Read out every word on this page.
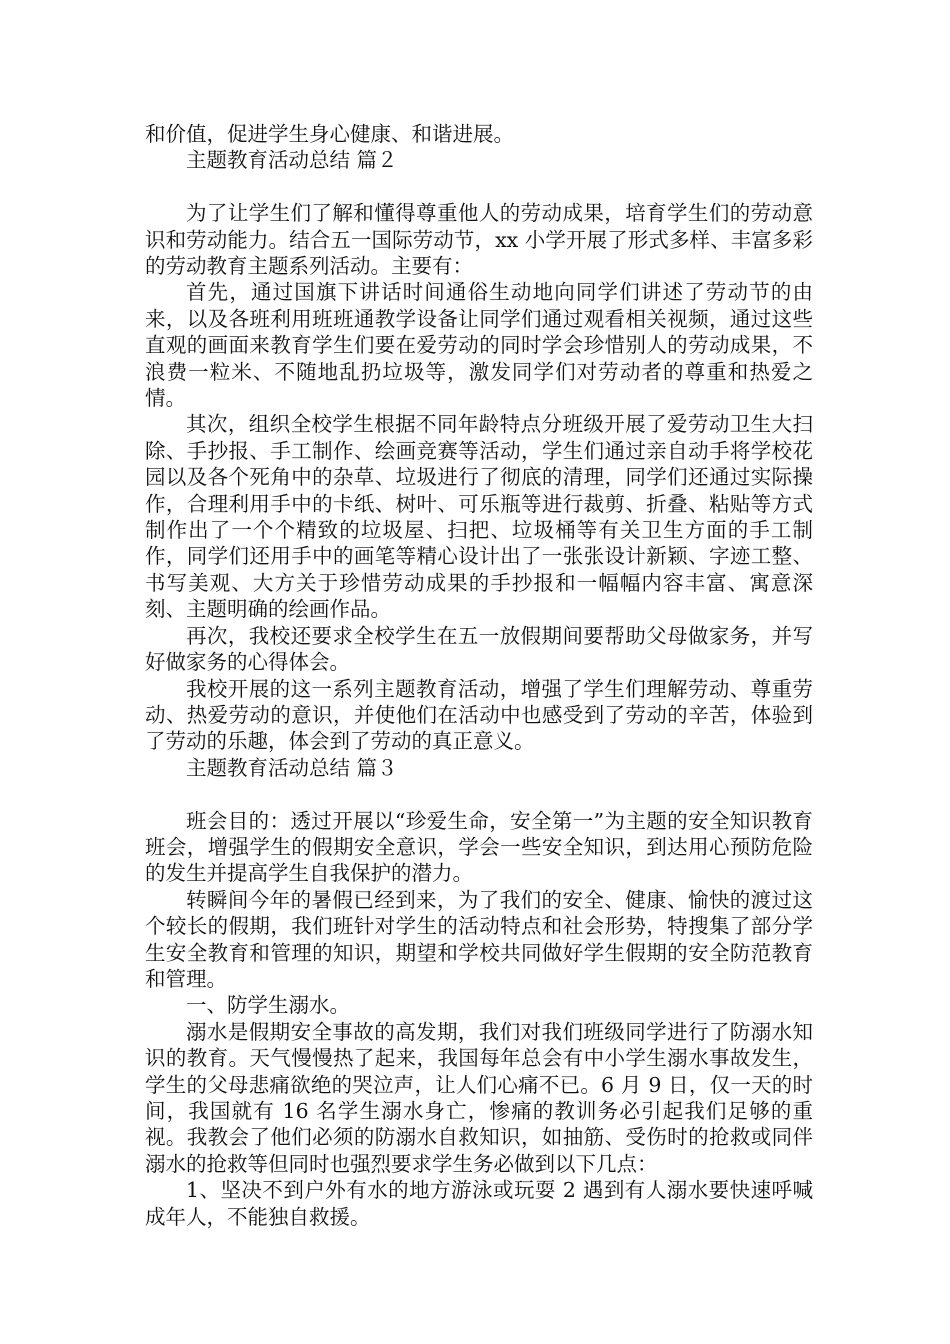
和价值，促进学生身心健康、和谐进展。

主题教育活动总结 篇２

为了让学生们了解和懂得尊重他人的劳动成果，培育学生们的劳动意识和劳动能力。结合五一国际劳动节，xx 小学开展了形式多样、丰富多彩的劳动教育主题系列活动。主要有：

首先，通过国旗下讲话时间通俗生动地向同学们讲述了劳动节的由来，以及各班利用班班通教学设备让同学们通过观看相关视频，通过这些直观的画面来教育学生们要在爱劳动的同时学会珍惜别人的劳动成果，不浪费一粒米、不随地乱扔垃圾等，激发同学们对劳动者的尊重和热爱之情。

其次，组织全校学生根据不同年龄特点分班级开展了爱劳动卫生大扫除、手抄报、手工制作、绘画竞赛等活动，学生们通过亲自动手将学校花园以及各个死角中的杂草、垃圾进行了彻底的清理，同学们还通过实际操作，合理利用手中的卡纸、树叶、可乐瓶等进行裁剪、折叠、粘贴等方式制作出了一个个精致的垃圾屋、扫把、垃圾桶等有关卫生方面的手工制作，同学们还用手中的画笔等精心设计出了一张张设计新颖、字迹工整、书写美观、大方关于珍惜劳动成果的手抄报和一幅幅内容丰富、寓意深刻、主题明确的绘画作品。

再次，我校还要求全校学生在五一放假期间要帮助父母做家务，并写好做家务的心得体会。

我校开展的这一系列主题教育活动，增强了学生们理解劳动、尊重劳动、热爱劳动的意识，并使他们在活动中也感受到了劳动的辛苦，体验到了劳动的乐趣，体会到了劳动的真正意义。

主题教育活动总结 篇３

班会目的：透过开展以“珍爱生命，安全第一”为主题的安全知识教育班会，增强学生的假期安全意识，学会一些安全知识，到达用心预防危险的发生并提高学生自我保护的潜力。

转瞬间今年的暑假已经到来，为了我们的安全、健康、愉快的渡过这个较长的假期，我们班针对学生的活动特点和社会形势，特搜集了部分学生安全教育和管理的知识，期望和学校共同做好学生假期的安全防范教育和管理。

一、防学生溺水。

溺水是假期安全事故的高发期，我们对我们班级同学进行了防溺水知识的教育。天气慢慢热了起来，我国每年总会有中小学生溺水事故发生，学生的父母悲痛欲绝的哭泣声，让人们心痛不已。6 月 9 日，仅一天的时间，我国就有 16 名学生溺水身亡，惨痛的教训务必引起我们足够的重视。我教会了他们必须的防溺水自救知识，如抽筋、受伤时的抢救或同伴溺水的抢救等但同时也强烈要求学生务必做到以下几点：

1、坚决不到户外有水的地方游泳或玩耍 2 遇到有人溺水要快速呼喊成年人，不能独自救援。
